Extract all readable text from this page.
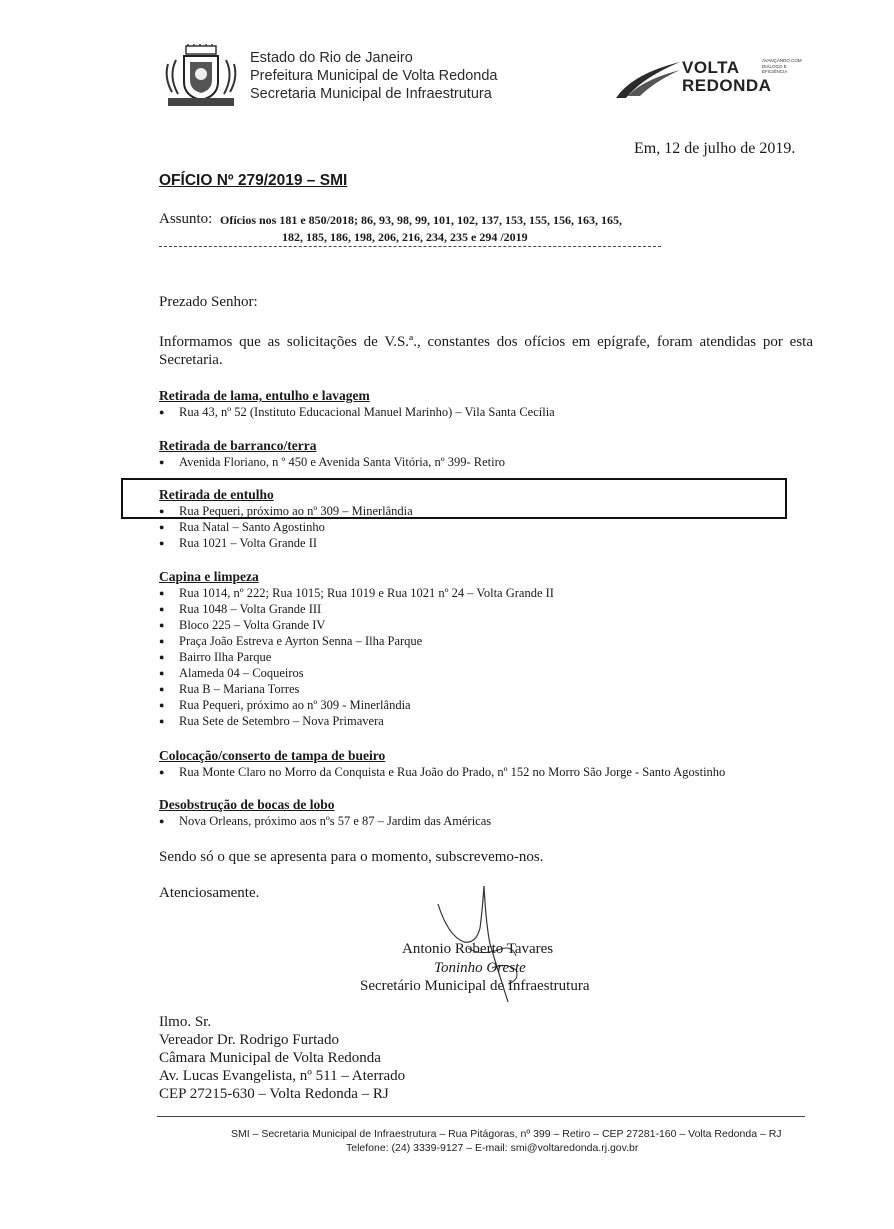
Estado do Rio de Janeiro
Prefeitura Municipal de Volta Redonda
Secretaria Municipal de Infraestrutura
VOLTA
REDONDA
AVANÇANDO COM DIÁLOGO E EFICIÊNCIA
Em, 12 de julho de 2019.
OFÍCIO Nº 279/2019 – SMI
Assunto: Ofícios nos 181 e 850/2018; 86, 93, 98, 99, 101, 102, 137, 153, 155, 156, 163, 165,
182, 185, 186, 198, 206, 216, 234, 235 e 294 /2019
Prezado Senhor:
Informamos que as solicitações de V.S.ª., constantes dos ofícios em epígrafe, foram atendidas por esta Secretaria.
Retirada de lama, entulho e lavagem
● Rua 43, nº 52 (Instituto Educacional Manuel Marinho) – Vila Santa Cecília
Retirada de barranco/terra
● Avenida Floriano, n º 450 e Avenida Santa Vitória, nº 399- Retiro
Retirada de entulho
● Rua Pequeri, próximo ao nº 309 – Minerlândia
● Rua Natal – Santo Agostinho
● Rua 1021 – Volta Grande II
Capina e limpeza
● Rua 1014, nº 222; Rua 1015; Rua 1019 e Rua 1021 nº 24 – Volta Grande II
● Rua 1048 – Volta Grande III
● Bloco 225 – Volta Grande IV
● Praça João Estreva e Ayrton Senna – Ilha Parque
● Bairro Ilha Parque
● Alameda 04 – Coqueiros
● Rua B – Mariana Torres
● Rua Pequeri, próximo ao nº 309 - Minerlândia
● Rua Sete de Setembro – Nova Primavera
Colocação/conserto de tampa de bueiro
● Rua Monte Claro no Morro da Conquista e Rua João do Prado, nº 152 no Morro São Jorge - Santo Agostinho
Desobstrução de bocas de lobo
● Nova Orleans, próximo aos nºs 57 e 87 – Jardim das Américas
Sendo só o que se apresenta para o momento, subscrevemo-nos.
Atenciosamente.
Antonio Roberto Tavares
Toninho Oreste
Secretário Municipal de Infraestrutura
Ilmo. Sr.
Vereador Dr. Rodrigo Furtado
Câmara Municipal de Volta Redonda
Av. Lucas Evangelista, nº 511 – Aterrado
CEP 27215-630 – Volta Redonda – RJ
SMI – Secretaria Municipal de Infraestrutura – Rua Pitágoras, nº 399 – Retiro – CEP 27281-160 – Volta Redonda – RJ
Telefone: (24) 3339-9127 – E-mail: smi@voltaredonda.rj.gov.br
